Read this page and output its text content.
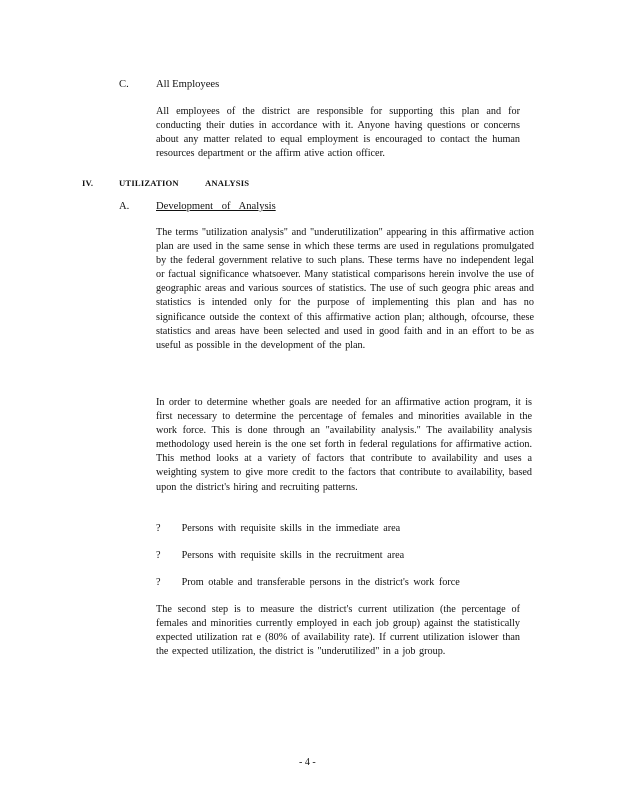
C.	All Employees
All employees of the district are responsible for supporting this plan and for conducting their duties in accordance with it. Anyone having questions or concerns about any matter related to equal employment is encouraged to contact the human resources department or the affirm ative action officer.
IV.	UTILIZATION	ANALYSIS
A.	Development of Analysis
The terms "utilization analysis" and "underutilization" appearing in this affirmative action plan are used in the same sense in which these terms are used in regulations promulgated by the federal government relative to such plans. These terms have no independent legal or factual significance whatsoever. Many statistical comparisons herein involve the use of geographic areas and various sources of statistics. The use of such geogra phic areas and statistics is intended only for the purpose of implementing this plan and has no significance outside the context of this affirmative action plan; although, ofcourse, these statistics and areas have been selected and used in good faith and in an effort to be as useful as possible in the development of the plan.
In order to determine whether goals are needed for an affirmative action program, it is first necessary to determine the percentage of females and minorities available in the work force. This is done through an "availability analysis." The availability analysis methodology used herein is the one set forth in federal regulations for affirmative action. This method looks at a variety of factors that contribute to availability and uses a weighting system to give more credit to the factors that contribute to availability, based upon the district's hiring and recruiting patterns.
? Persons with requisite skills in the immediate area
? Persons with requisite skills in the recruitment area
? Prom otable and transferable persons in the district's work force
The second step is to measure the district's current utilization (the percentage of females and minorities currently employed in each job group) against the statistically expected utilization rat e (80% of availability rate). If current utilization islower than the expected utilization, the district is "underutilized" in a job group.
- 4 -
